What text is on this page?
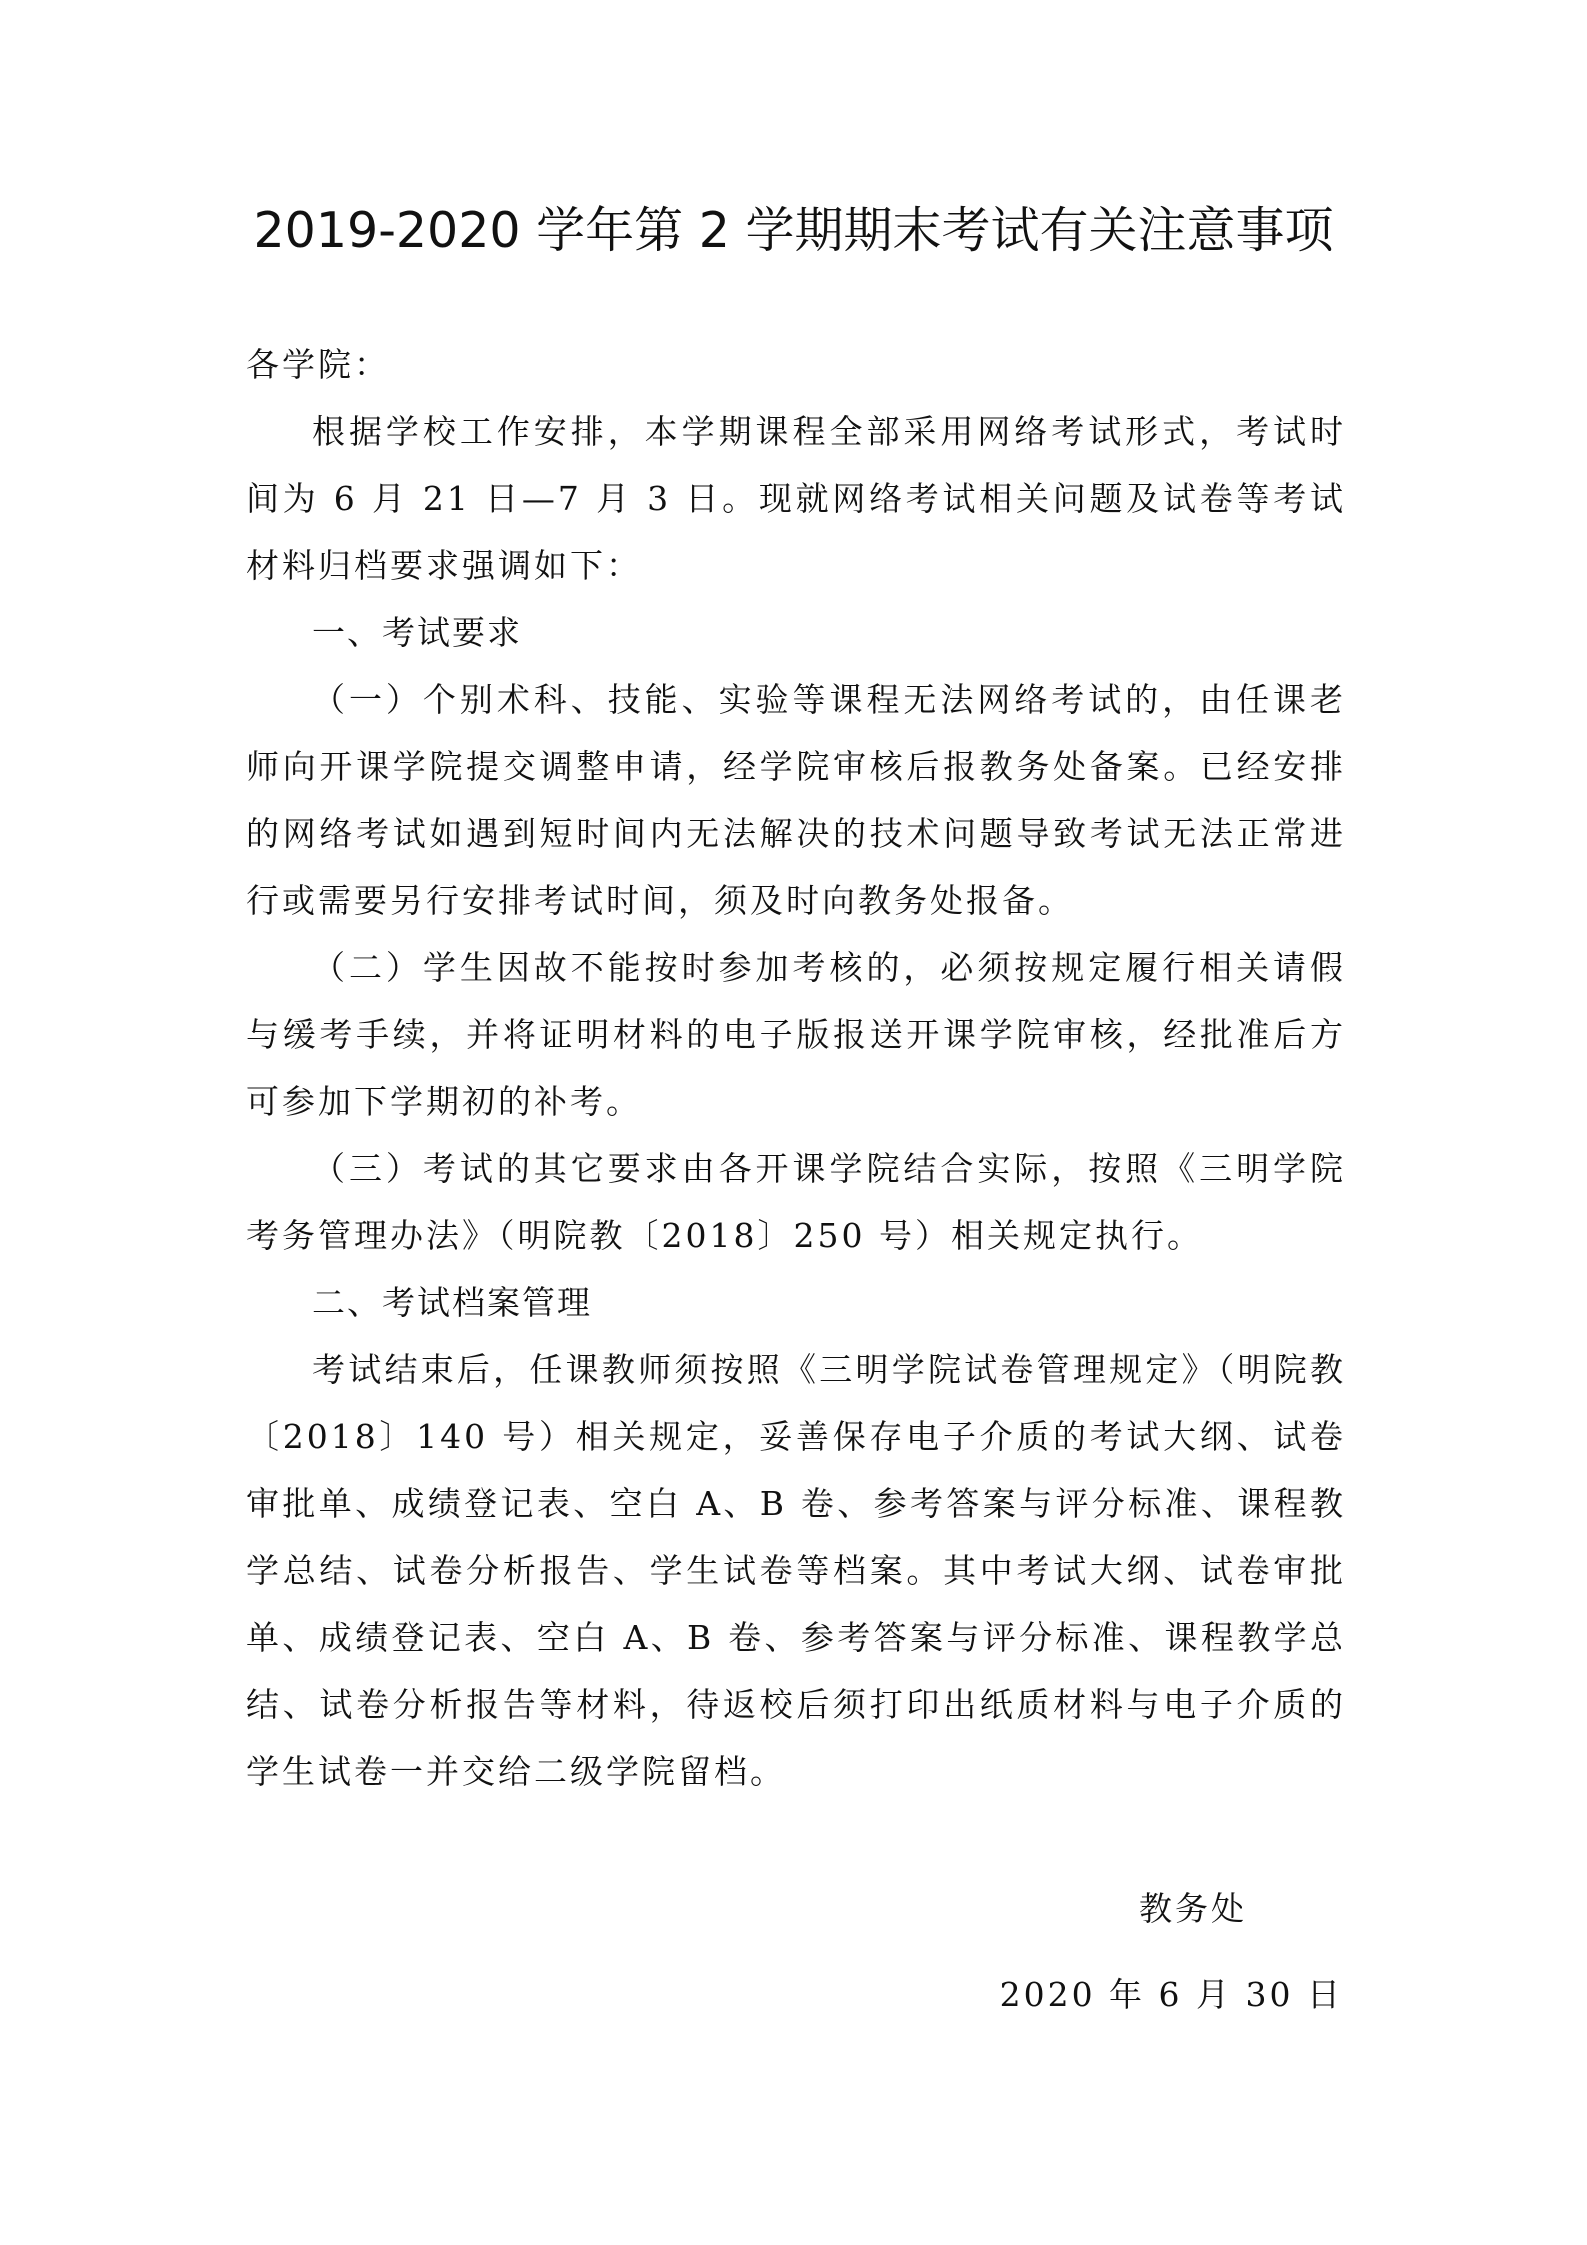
2019-2020 学年第 2 学期期末考试有关注意事项

各学院：

根据学校工作安排，本学期课程全部采用网络考试形式，考试时间为 6 月 21 日—7 月 3 日。现就网络考试相关问题及试卷等考试材料归档要求强调如下：

一、考试要求

（一）个别术科、技能、实验等课程无法网络考试的，由任课老师向开课学院提交调整申请，经学院审核后报教务处备案。已经安排的网络考试如遇到短时间内无法解决的技术问题导致考试无法正常进行或需要另行安排考试时间，须及时向教务处报备。

（二）学生因故不能按时参加考核的，必须按规定履行相关请假与缓考手续，并将证明材料的电子版报送开课学院审核，经批准后方可参加下学期初的补考。

（三）考试的其它要求由各开课学院结合实际，按照《三明学院考务管理办法》（明院教〔2018〕250 号）相关规定执行。

二、考试档案管理

考试结束后，任课教师须按照《三明学院试卷管理规定》（明院教〔2018〕140 号）相关规定，妥善保存电子介质的考试大纲、试卷审批单、成绩登记表、空白 A、B 卷、参考答案与评分标准、课程教学总结、试卷分析报告、学生试卷等档案。其中考试大纲、试卷审批单、成绩登记表、空白 A、B 卷、参考答案与评分标准、课程教学总结、试卷分析报告等材料，待返校后须打印出纸质材料与电子介质的学生试卷一并交给二级学院留档。

教务处
2020 年 6 月 30 日
